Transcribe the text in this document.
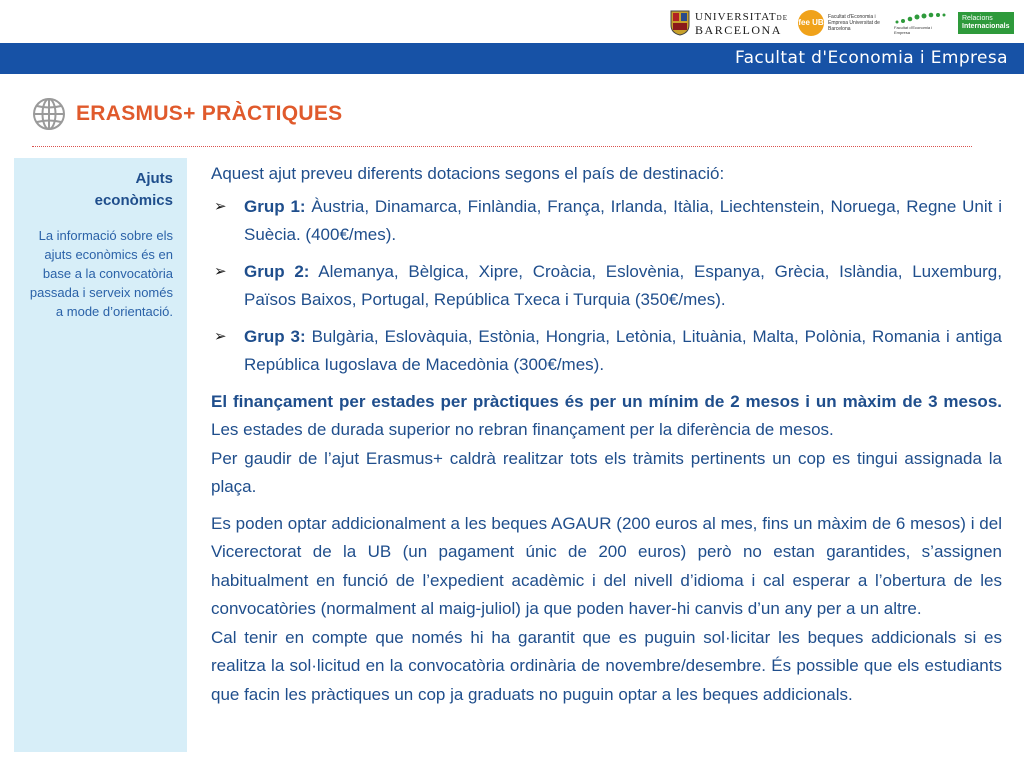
UNIVERSITATDE
BARCELONA	fee UB
Facultat d'Economia i Empresa Universitat de Barcelona	Facultat d'Economia i Empresa
Relacions
Internacionals
Facultat d'Economia i Empresa
ERASMUS+ PRÀCTIQUES
Ajuts
econòmics
La informació sobre els ajuts econòmics és en base a la convocatòria passada i serveix només a mode d’orientació.

Aquest ajut preveu diferents dotacions segons el país de destinació:

➢ Grup 1: Àustria, Dinamarca, Finlàndia, França, Irlanda, Itàlia, Liechtenstein, Noruega, Regne Unit i Suècia. (400€/mes).
➢ Grup 2: Alemanya, Bèlgica, Xipre, Croàcia, Eslovènia, Espanya, Grècia, Islàndia, Luxemburg, Països Baixos, Portugal, República Txeca i Turquia (350€/mes).
➢ Grup 3: Bulgària, Eslovàquia, Estònia, Hongria, Letònia, Lituània, Malta, Polònia, Romania i antiga República Iugoslava de Macedònia (300€/mes).

El finançament per estades per pràctiques és per un mínim de 2 mesos i un màxim de 3 mesos. Les estades de durada superior no rebran finançament per la diferència de mesos.

Per gaudir de l’ajut Erasmus+ caldrà realitzar tots els tràmits pertinents un cop es tingui assignada la plaça.

Es poden optar addicionalment a les beques AGAUR (200 euros al mes, fins un màxim de 6 mesos) i del Vicerectorat de la UB (un pagament únic de 200 euros) però no estan garantides, s’assignen habitualment en funció de l’expedient acadèmic i del nivell d’idioma i cal esperar a l’obertura de les convocatòries (normalment al maig-juliol) ja que poden haver-hi canvis d’un any per a un altre.

Cal tenir en compte que només hi ha garantit que es puguin sol·licitar les beques addicionals si es realitza la sol·licitud en la convocatòria ordinària de novembre/desembre. És possible que els estudiants que facin les pràctiques un cop ja graduats no puguin optar a les beques addicionals.
